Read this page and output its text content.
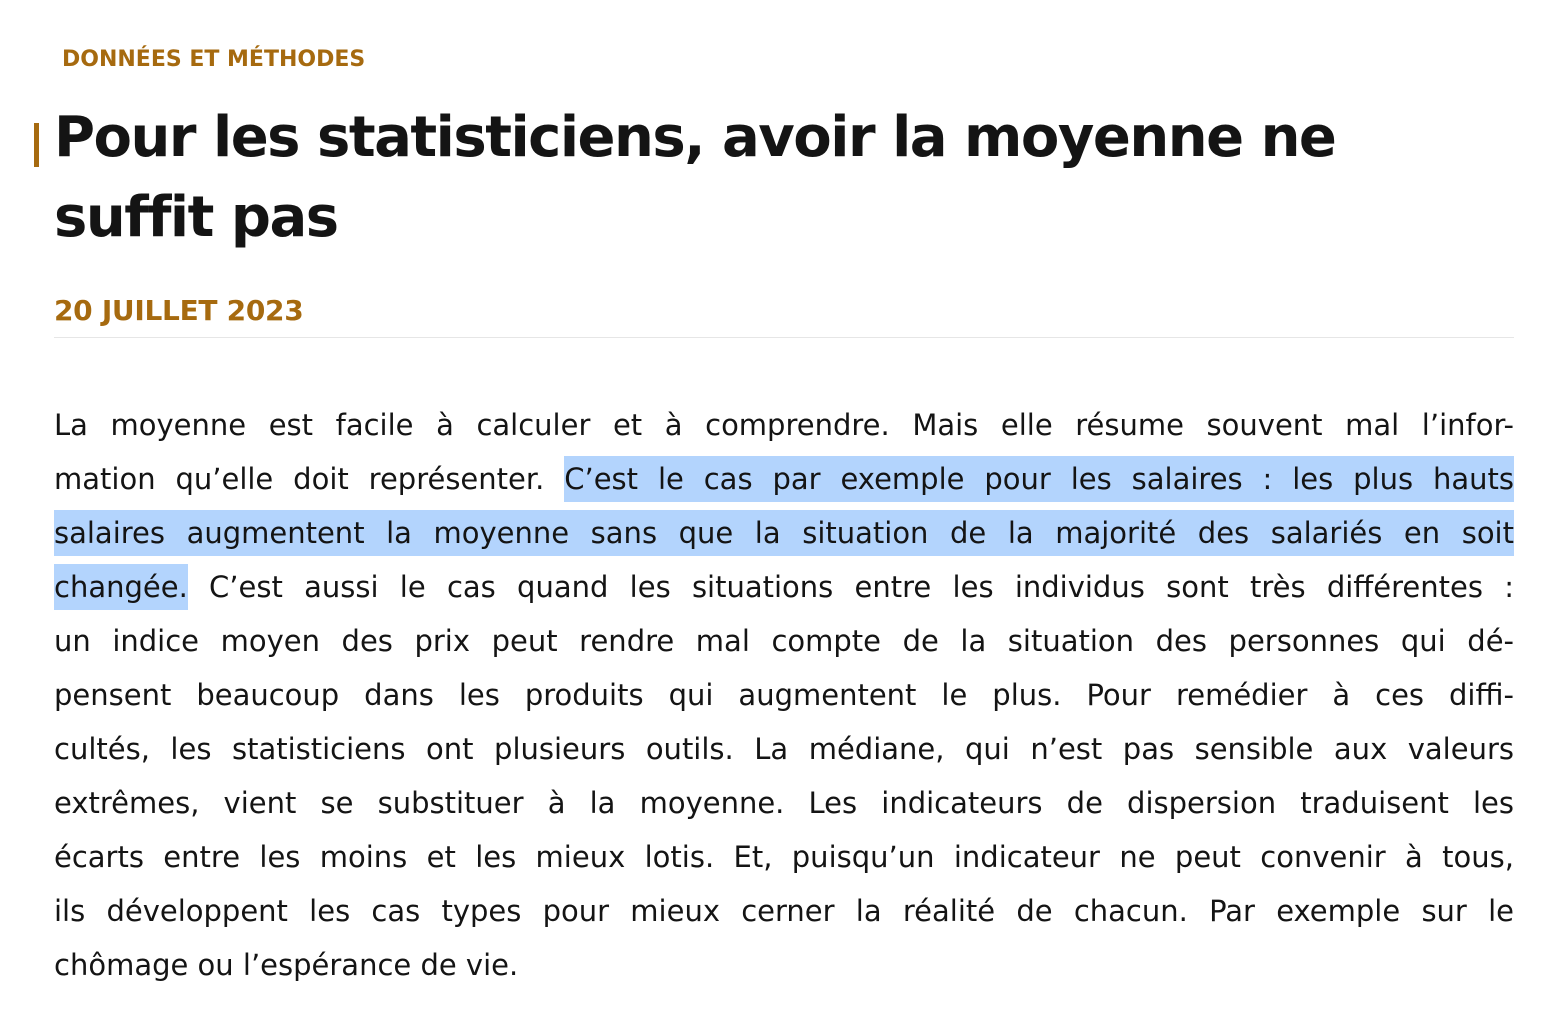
DONNÉES ET MÉTHODES
Pour les statisticiens, avoir la moyenne ne
suffit pas
20 JUILLET 2023
La moyenne est facile à calculer et à comprendre. Mais elle résume souvent mal l’infor-
mation qu’elle doit représenter. C’est le cas par exemple pour les salaires : les plus hauts
salaires augmentent la moyenne sans que la situation de la majorité des salariés en soit
changée. C’est aussi le cas quand les situations entre les individus sont très différentes :
un indice moyen des prix peut rendre mal compte de la situation des personnes qui dé-
pensent beaucoup dans les produits qui augmentent le plus. Pour remédier à ces diffi-
cultés, les statisticiens ont plusieurs outils. La médiane, qui n’est pas sensible aux valeurs
extrêmes, vient se substituer à la moyenne. Les indicateurs de dispersion traduisent les
écarts entre les moins et les mieux lotis. Et, puisqu’un indicateur ne peut convenir à tous,
ils développent les cas types pour mieux cerner la réalité de chacun. Par exemple sur le
chômage ou l’espérance de vie.
